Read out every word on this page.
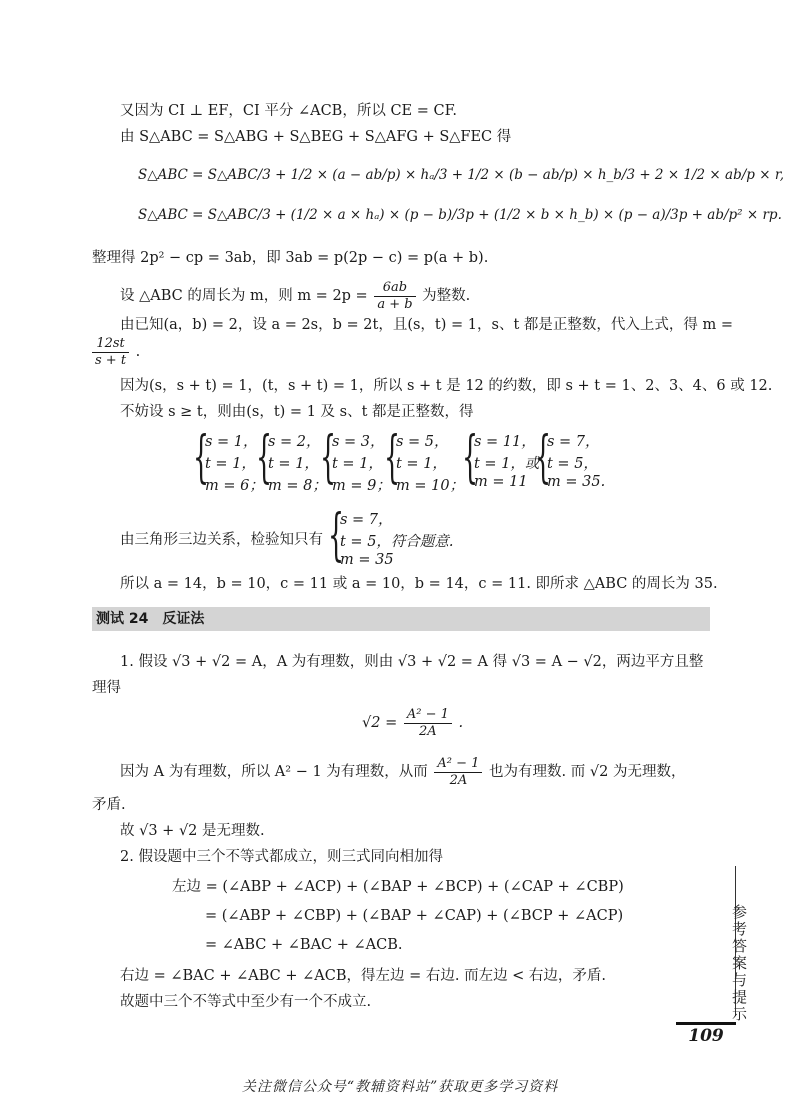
又因为 CI ⊥ EF，CI 平分 ∠ACB，所以 CE = CF.
由 S△ABC = S△ABG + S△BEG + S△AFG + S△FEC 得
S△ABC = S△ABC/3 + 1/2 × (a − ab/p) × hₐ/3 + 1/2 × (b − ab/p) × h_b/3 + 2 × 1/2 × ab/p × r,
S△ABC = S△ABC/3 + (1/2 × a × hₐ) × (p − b)/3p + (1/2 × b × h_b) × (p − a)/3p + ab/p² × rp.
整理得 2p² − cp = 3ab，即 3ab = p(2p − c) = p(a + b).
设 △ABC 的周长为 m，则 $m = 2p = \frac{6ab}{a + b}$ 为整数.
由已知(a，b) = 2，设 a = 2s，b = 2t，且(s，t) = 1，s、t 都是正整数，代入上式，得 m =
$\frac{12st}{s + t}$ .
因为(s，s + t) = 1，(t，s + t) = 1，所以 s + t 是 12 的约数，即 s + t = 1、2、3、4、6 或 12.
不妨设 s ≥ t，则由(s，t) = 1 及 s、t 都是正整数，得
{
s = 1，
t = 1，
m = 6；
{
s = 2，
t = 1，
m = 8；
{
s = 3，
t = 1，
m = 9；
{
s = 5，
t = 1，
m = 10；
{
s = 11，
t = 1，或
m = 11 {
s = 7，
t = 5，
m = 35.
由三角形三边关系，检验知只有 {
s = 7，
t = 5，符合题意.
m = 35
所以 a = 14，b = 10，c = 11 或 a = 10，b = 14，c = 11. 即所求 △ABC 的周长为 35.
测试 24　反证法
1. 假设 √3 + √2 = A，A 为有理数，则由 √3 + √2 = A 得 √3 = A − √2，两边平方且整
理得
$√2 = \frac{\text{A² − 1}}{2A}$ .
因为 A 为有理数，所以 A² − 1 为有理数，从而 $\frac{\text{A² − 1}}{2A}$ 也为有理数. 而 √2 为无理数，
矛盾.
故 √3 + √2 是无理数.
2. 假设题中三个不等式都成立，则三式同向相加得
左边 = (∠ABP + ∠ACP) + (∠BAP + ∠BCP) + (∠CAP + ∠CBP)
= (∠ABP + ∠CBP) + (∠BAP + ∠CAP) + (∠BCP + ∠ACP)
= ∠ABC + ∠BAC + ∠ACB.
右边 = ∠BAC + ∠ABC + ∠ACB，得左边 = 右边. 而左边 < 右边，矛盾.
故题中三个不等式中至少有一个不成立.	参考答案与提示
109
关注微信公众号“教辅资料站”获取更多学习资料
